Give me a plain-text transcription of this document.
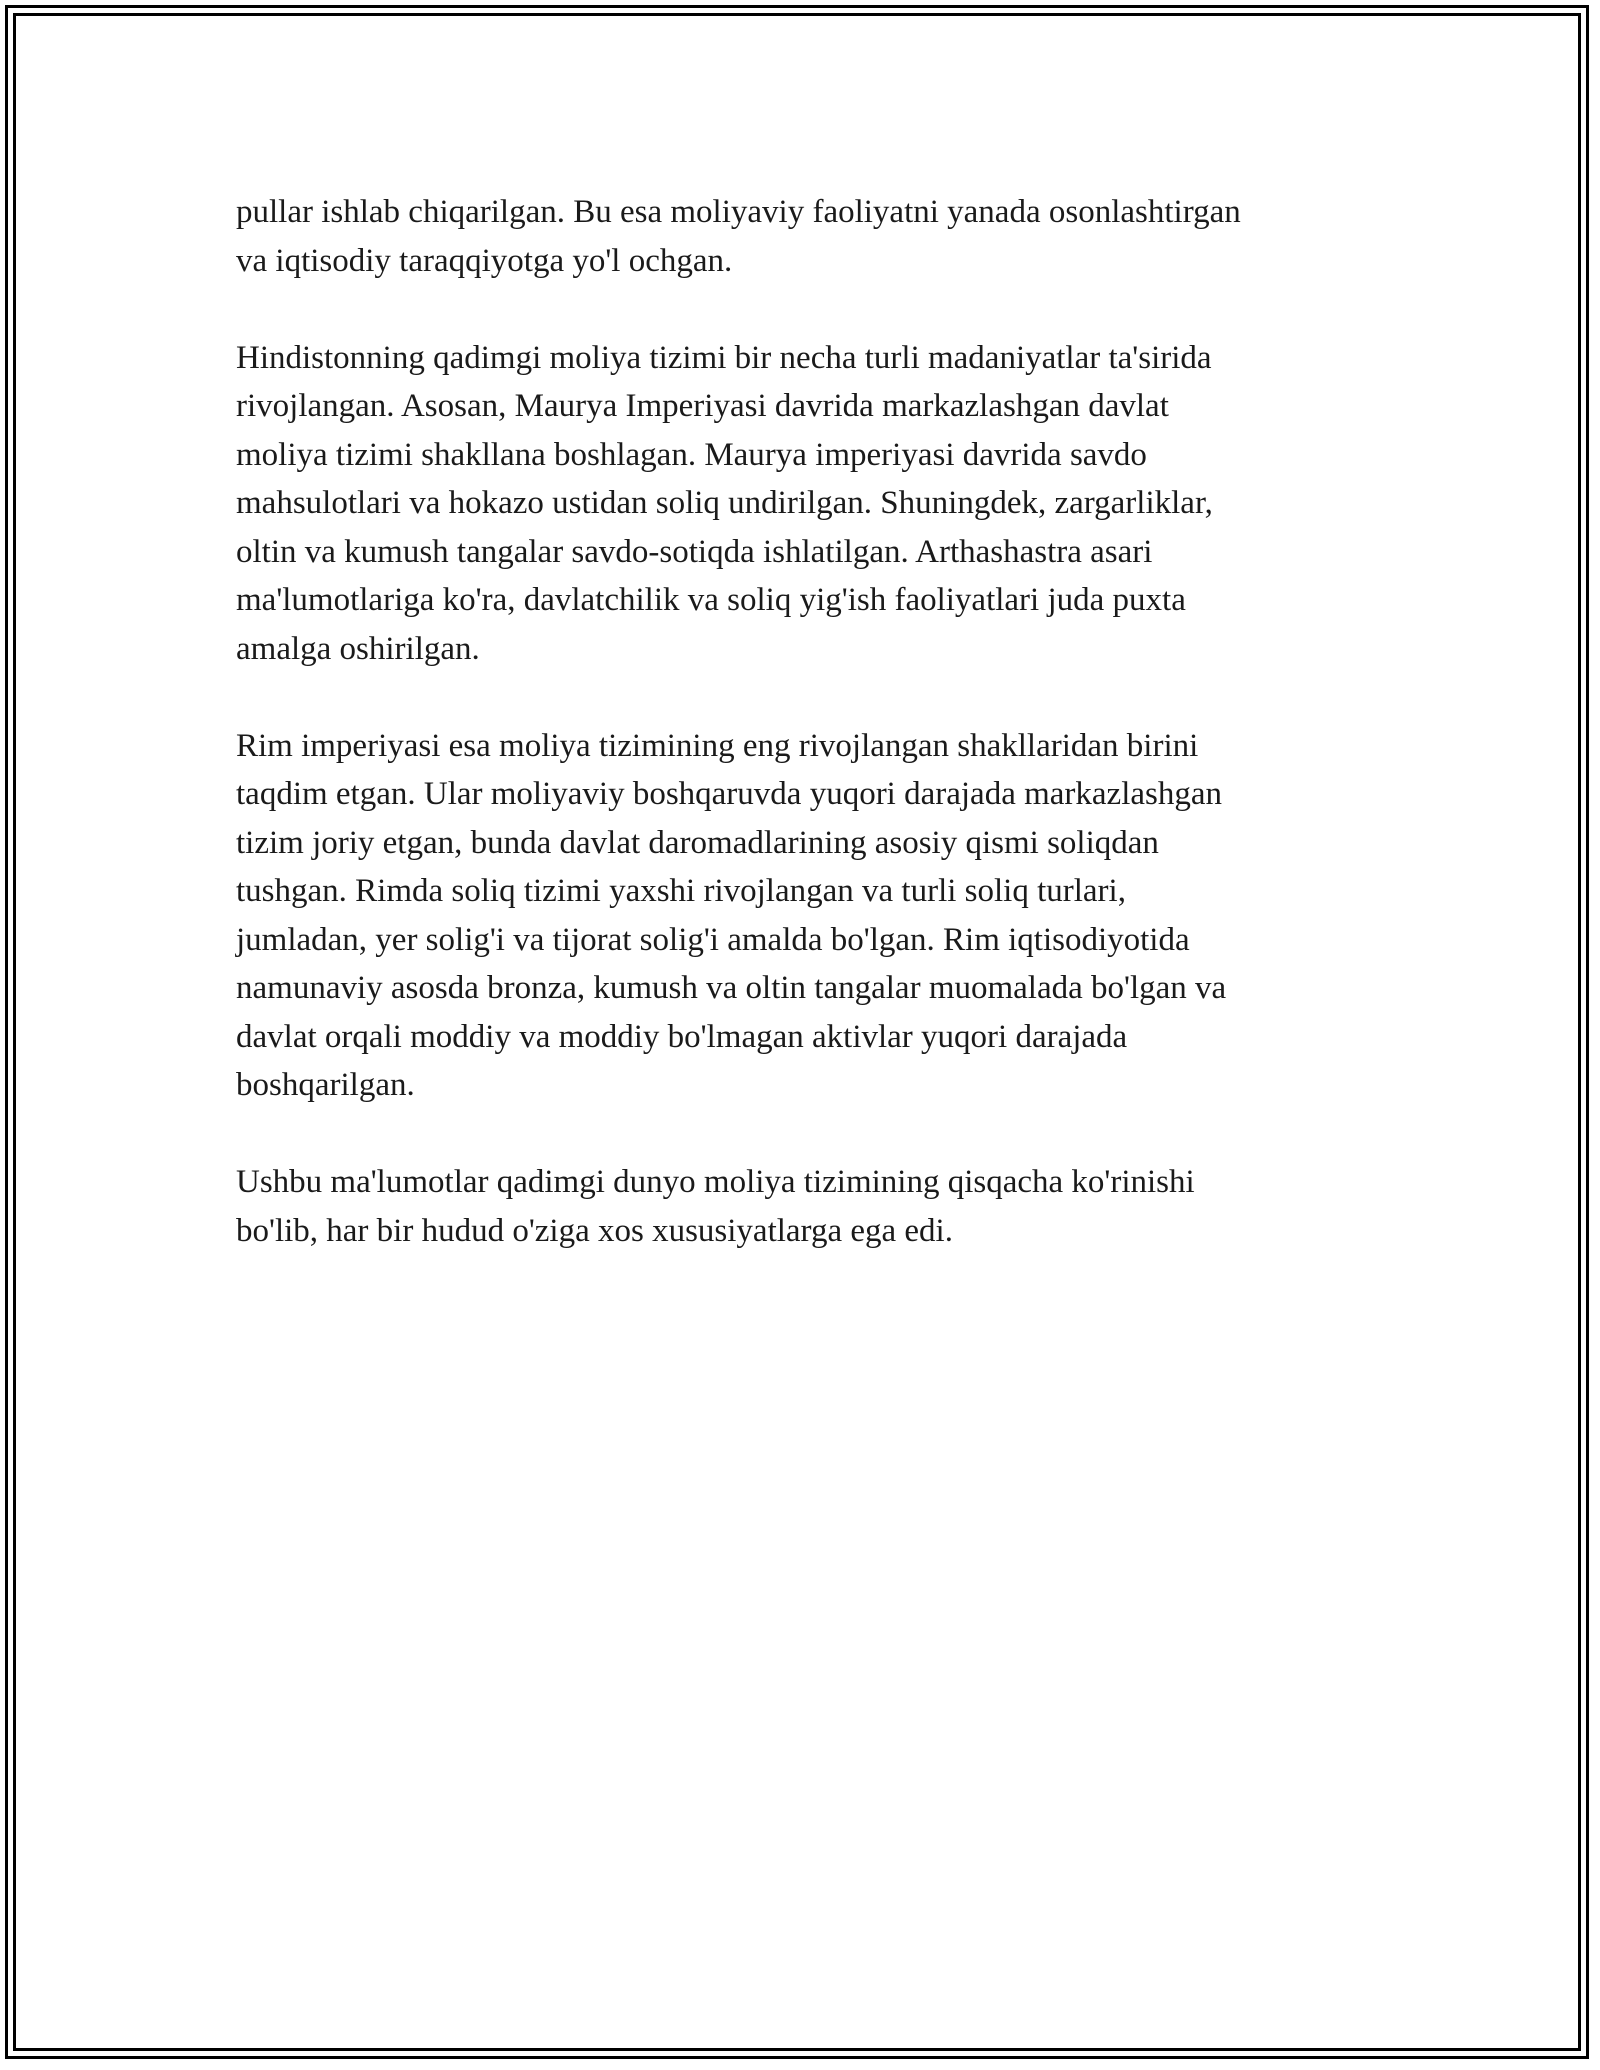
pullar ishlab chiqarilgan. Bu esa moliyaviy faoliyatni yanada osonlashtirgan
va iqtisodiy taraqqiyotga yo'l ochgan.

Hindistonning qadimgi moliya tizimi bir necha turli madaniyatlar ta'sirida
rivojlangan. Asosan, Maurya Imperiyasi davrida markazlashgan davlat
moliya tizimi shakllana boshlagan. Maurya imperiyasi davrida savdo
mahsulotlari va hokazo ustidan soliq undirilgan. Shuningdek, zargarliklar,
oltin va kumush tangalar savdo-sotiqda ishlatilgan. Arthashastra asari
ma'lumotlariga ko'ra, davlatchilik va soliq yig'ish faoliyatlari juda puxta
amalga oshirilgan.

Rim imperiyasi esa moliya tizimining eng rivojlangan shakllaridan birini
taqdim etgan. Ular moliyaviy boshqaruvda yuqori darajada markazlashgan
tizim joriy etgan, bunda davlat daromadlarining asosiy qismi soliqdan
tushgan. Rimda soliq tizimi yaxshi rivojlangan va turli soliq turlari,
jumladan, yer solig'i va tijorat solig'i amalda bo'lgan. Rim iqtisodiyotida
namunaviy asosda bronza, kumush va oltin tangalar muomalada bo'lgan va
davlat orqali moddiy va moddiy bo'lmagan aktivlar yuqori darajada
boshqarilgan.

Ushbu ma'lumotlar qadimgi dunyo moliya tizimining qisqacha ko'rinishi
bo'lib, har bir hudud o'ziga xos xususiyatlarga ega edi.
